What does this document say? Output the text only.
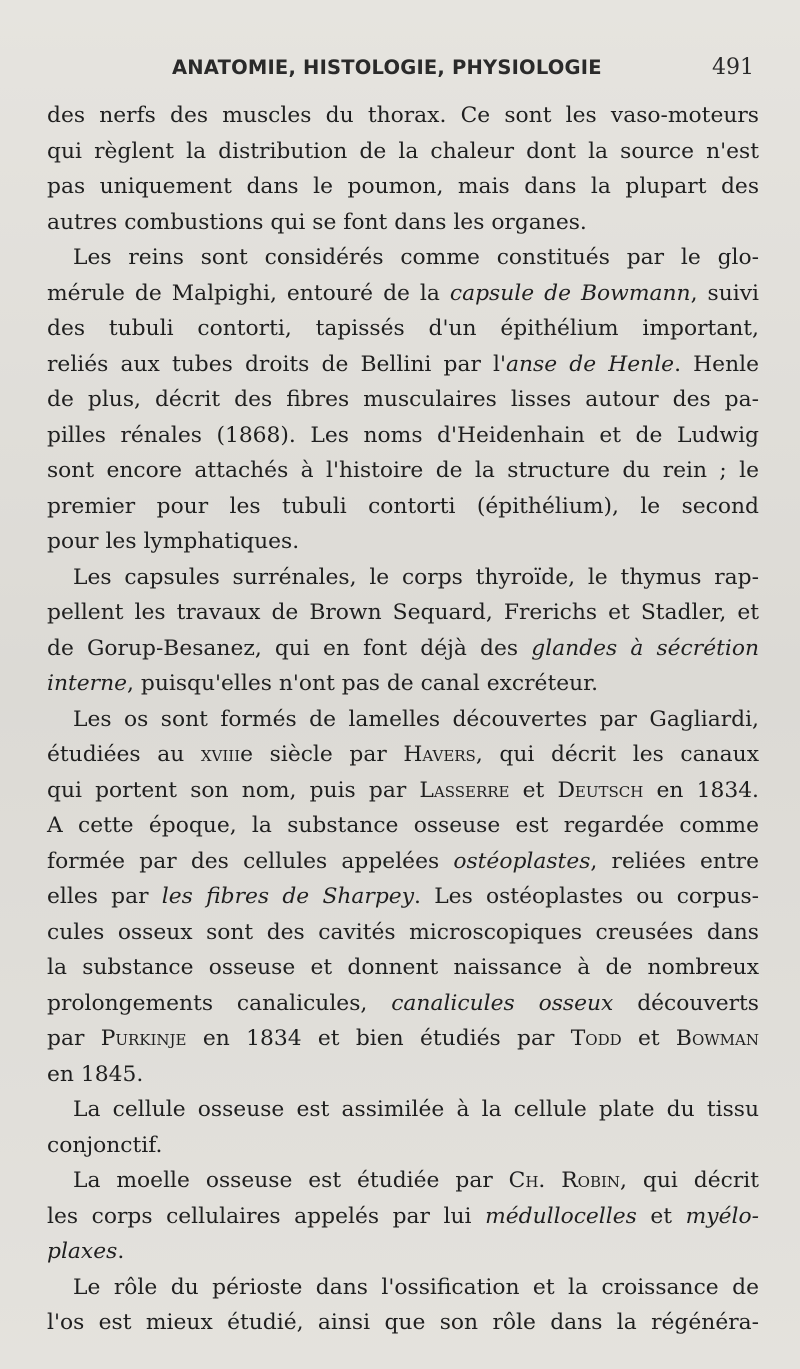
ANATOMIE, HISTOLOGIE, PHYSIOLOGIE	491
des nerfs des muscles du thorax. Ce sont les vaso-moteurs
qui règlent la distribution de la chaleur dont la source n'est
pas uniquement dans le poumon, mais dans la plupart des
autres combustions qui se font dans les organes.
Les reins sont considérés comme constitués par le glo-
mérule de Malpighi, entouré de la capsule de Bowmann, suivi
des tubuli contorti, tapissés d'un épithélium important,
reliés aux tubes droits de Bellini par l'anse de Henle. Henle
de plus, décrit des fibres musculaires lisses autour des pa-
pilles rénales (1868). Les noms d'Heidenhain et de Ludwig
sont encore attachés à l'histoire de la structure du rein ; le
premier pour les tubuli contorti (épithélium), le second
pour les lymphatiques.
Les capsules surrénales, le corps thyroïde, le thymus rap-
pellent les travaux de Brown Sequard, Frerichs et Stadler, et
de Gorup-Besanez, qui en font déjà des glandes à sécrétion
interne, puisqu'elles n'ont pas de canal excréteur.
Les os sont formés de lamelles découvertes par Gagliardi,
étudiées au xviiie siècle par Havers, qui décrit les canaux
qui portent son nom, puis par Lasserre et Deutsch en 1834.
A cette époque, la substance osseuse est regardée comme
formée par des cellules appelées ostéoplastes, reliées entre
elles par les fibres de Sharpey. Les ostéoplastes ou corpus-
cules osseux sont des cavités microscopiques creusées dans
la substance osseuse et donnent naissance à de nombreux
prolongements canalicules, canalicules osseux découverts
par Purkinje en 1834 et bien étudiés par Todd et Bowman
en 1845.
La cellule osseuse est assimilée à la cellule plate du tissu
conjonctif.
La moelle osseuse est étudiée par Ch. Robin, qui décrit
les corps cellulaires appelés par lui médullocelles et myélo-
plaxes.
Le rôle du périoste dans l'ossification et la croissance de
l'os est mieux étudié, ainsi que son rôle dans la régénéra-
